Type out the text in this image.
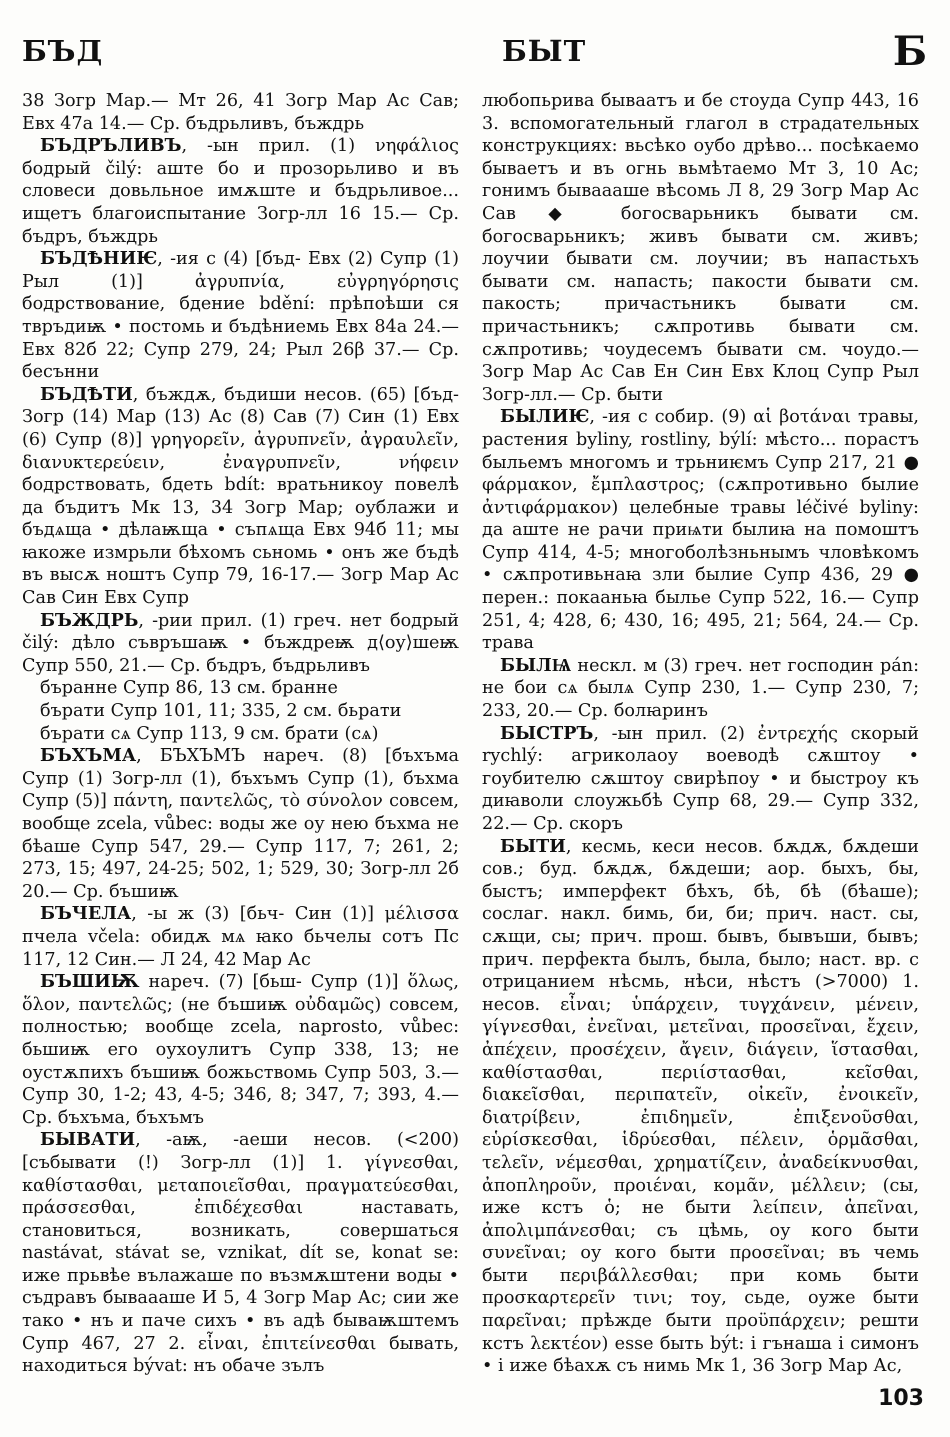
БЪД	БЫТ	Б

38 Зогр Мар.— Мт 26, 41 Зогр Мар Ас Сав; Евх 47а 14.— Ср. бъдрьливъ, бъждрь

БЪДРЪЛИВЪ, -ын прил. (1) νηφάλιος бодрый čilý: аште бо и прозорьливо и въ словеси довьльное имѫште и бъдрьливое... ищетъ благоиспытание Зогр-лл 16 15.— Ср. бъдръ, бъждрь

БЪДѢНИѤ, -ия с (4) [бъд- Евх (2) Супр (1) Рыл (1)] ἀγρυπνία, εὐγρηγόρησις бодрствование, бдение bdění: прѣпоѣши ся твръдиѭ • постомь и бъдѣниемь Евх 84а 24.— Евх 82б 22; Супр 279, 24; Рыл 26β 37.— Ср. бесънни

БЪДѢТИ, бъждѫ, бъдиши несов. (65) [бъд- Зогр (14) Мар (13) Ас (8) Сав (7) Син (1) Евх (6) Супр (8)] γρηγορεῖν, ἀγρυπνεῖν, ἀγραυλεῖν, διανυκτερεύειν, ἐναγρυπνεῖν, νήφειν бодрствовать, бдеть bdít: вратьникоу повелѣ да бъдитъ Мк 13, 34 Зогр Мар; оублажи и бъдѧща • дѣлаѭща • съпѧща Евх 94б 11; мы ꙗкоже измрьли бѣхомъ сьномь • онъ же бъдѣ въ высѫ ноштъ Супр 79, 16-17.— Зогр Мар Ас Сав Син Евх Супр

БЪЖДРЬ, -рии прил. (1) греч. нет бодрый čilý: дѣло съвръшаѭ • бъждреѭ д⟨оу⟩шеѭ Супр 550, 21.— Ср. бъдръ, бъдрьливъ

бъранне Супр 86, 13 см. бранне

бърати Супр 101, 11; 335, 2 см. бьрати

бърати сѧ Супр 113, 9 см. брати (сѧ)

БЪХЪМА, БЪХЪМЪ нареч. (8) [бъхъма Супр (1) Зогр-лл (1), бъхъмъ Супр (1), бъхма Супр (5)] πάντη, παντελῶς, τὸ σύνολον совсем, вообще zcela, vůbec: воды же оу нею бъхма не бѣаше Супр 547, 29.— Супр 117, 7; 261, 2; 273, 15; 497, 24-25; 502, 1; 529, 30; Зогр-лл 2б 20.— Ср. бъшиѭ

БЪЧЕЛА, -ы ж (3) [бьч- Син (1)] μέλισσα пчела včela: обидѫ мѧ ꙗко бьчелы сотъ Пс 117, 12 Син.— Л 24, 42 Мар Ас

БЪШИѬ нареч. (7) [бьш- Супр (1)] ὅλως, ὅλον, παντελῶς; (не бъшиѭ οὐδαμῶς) совсем, полностью; вообще zcela, naprosto, vůbec: бьшиѭ его оухоулитъ Супр 338, 13; не оустѫпихъ бъшиѭ божьствомь Супр 503, 3.— Супр 30, 1-2; 43, 4-5; 346, 8; 347, 7; 393, 4.— Ср. бъхъма, бъхъмъ

БЫВАТИ, -аѭ, -аеши несов. (<200) [събывати (!) Зогр-лл (1)] 1. γίγνεσθαι, καθίστασθαι, μεταποιεῖσθαι, πραγματεύεσθαι, πράσσεσθαι, ἐπιδέχεσθαι наставать, становиться, возникать, совершаться nastávat, stávat se, vznikat, dít se, konat se: иже прьвѣе вълажаше по възмѫштени воды • съдравъ бываааше И 5, 4 Зогр Мар Ас; сии же тако • нъ и паче сихъ • въ адѣ бываѭштемъ Супр 467, 27 2. εἶναι, ἐπιτείνεσθαι бывать, находиться bývat: нъ обаче зълъ

любопьрива бываатъ и бе стоуда Супр 443, 16 3. вспомогательный глагол в страдательных конструкциях: вьсѣко оубо дрѣво... посѣкаемо бываетъ и въ огнь вьмѣтаемо Мт 3, 10 Ас; гонимъ бываааше вѣсомь Л 8, 29 Зогр Мар Ас Сав ◆ богосварьникъ бывати см. богосварьникъ; живъ бывати см. живъ; лоучии бывати см. лоучии; въ напастьхъ бывати см. напасть; пакости бывати см. пакость; причастьникъ бывати см. причастьникъ; сѫпротивь бывати см. сѫпротивь; чоудесемъ бывати см. чоудо.— Зогр Мар Ас Сав Ен Син Евх Клоц Супр Рыл Зогр-лл.— Ср. быти

БЫЛИѤ, -ия с собир. (9) αἱ βοτάναι травы, растения byliny, rostliny, býlí: мѣсто... порастъ быльемъ многомъ и трьниѥмъ Супр 217, 21 ● φάρμακον, ἔμπλαστρος; (сѫпротивьно былие ἀντιφάρμακον) целебные травы léčivé byliny: да аште не рачи приѩти былиꙗ на помоштъ Супр 414, 4-5; многоболѣзньнымъ чловѣкомъ • сѫпротивьнаꙗ зли былие Супр 436, 29 ● перен.: покааньꙗ былье Супр 522, 16.— Супр 251, 4; 428, 6; 430, 16; 495, 21; 564, 24.— Ср. трава

БЫЛѨ нескл. м (3) греч. нет господин pán: не бои сѧ былѧ Супр 230, 1.— Супр 230, 7; 233, 20.— Ср. болꙗринъ

БЫСТРЪ, -ын прил. (2) ἐντρεχής скорый rychlý: агриколаоу воеводѣ сѫштоу • гоубителю сѫштоу свирѣпоу • и быстроу къ диꙗволи слоужьбѣ Супр 68, 29.— Супр 332, 22.— Ср. скоръ

БЫТИ, кесмь, кеси несов. бѫдѫ, бѫдеши сов.; буд. бѫдѫ, бѫдеши; аор. быхъ, бы, быстъ; имперфект бѣхъ, бѣ, бѣ (бѣаше); сослаг. накл. бимь, би, би; прич. наст. сы, сѫщи, сы; прич. прош. бывъ, бывъши, бывъ; прич. перфекта былъ, была, было; наст. вр. с отрицанием нѣсмь, нѣси, нѣстъ (>7000) 1. несов. εἶναι; ὑπάρχειν, τυγχάνειν, μένειν, γίγνεσθαι, ἐνεῖναι, μετεῖναι, προσεῖναι, ἔχειν, ἀπέχειν, προσέχειν, ἄγειν, διάγειν, ἵστασθαι, καθίστασθαι, περιίστασθαι, κεῖσθαι, διακεῖσθαι, περιπατεῖν, οἰκεῖν, ἐνοικεῖν, διατρίβειν, ἐπιδημεῖν, ἐπιξενοῦσθαι, εὑρίσκεσθαι, ἱδρύεσθαι, πέλειν, ὁρμᾶσθαι, τελεῖν, νέμεσθαι, χρηματίζειν, ἀναδείκνυσθαι, ἀποπληροῦν, προιέναι, κομᾶν, μέλλειν; (сы, иже кстъ ὁ; не быти λείπειν, ἀπεῖναι, ἀπολιμπάνεσθαι; съ цѣмь, оу кого быти συνεῖναι; оу кого быти προσεῖναι; въ чемь быти περιβάλλεσθαι; при комь быти προσκαρτερεῖν τινι; тоу, сьде, оуже быти παρεῖναι; прѣжде быти προϋπάρχειν; решти кстъ λεκτέον) esse быть být: і гънаша і симонъ • і иже бѣахѫ съ нимь Мк 1, 36 Зогр Мар Ас,

103
